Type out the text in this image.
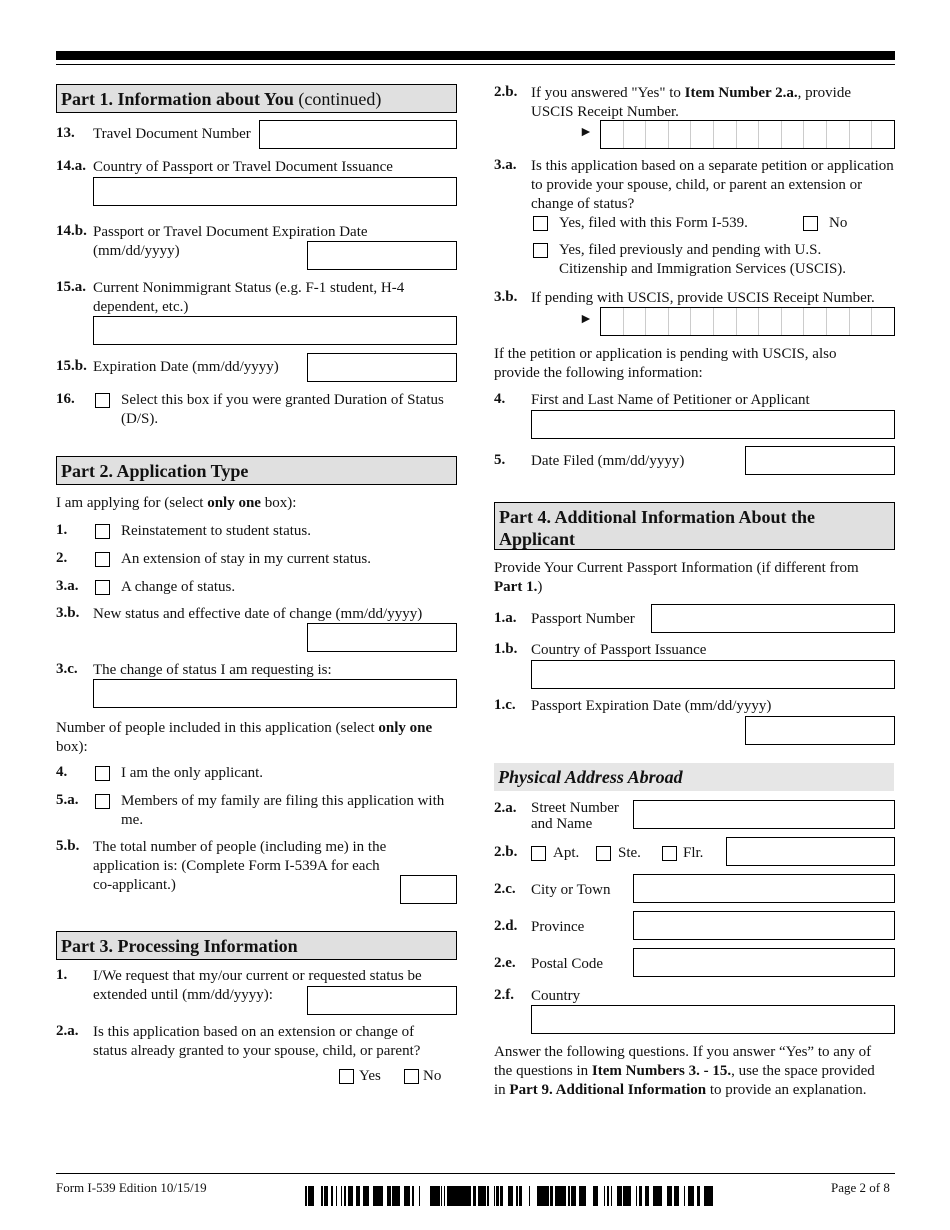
Part 1. Information about You (continued)
13. Travel Document Number
14.a. Country of Passport or Travel Document Issuance
14.b. Passport or Travel Document Expiration Date
(mm/dd/yyyy)
15.a. Current Nonimmigrant Status (e.g. F-1 student, H-4
dependent, etc.)
15.b. Expiration Date (mm/dd/yyyy)
16.	Select this box if you were granted Duration of Status
(D/S).
Part 2. Application Type
I am applying for (select only one box):
1.	Reinstatement to student status.
2.	An extension of stay in my current status.
3.a.	A change of status.
3.b. New status and effective date of change (mm/dd/yyyy)
3.c. The change of status I am requesting is:
Number of people included in this application (select only one
box):
4.	I am the only applicant.
5.a.	Members of my family are filing this application with
me.
5.b. The total number of people (including me) in the
application is: (Complete Form I-539A for each
co-applicant.)
Part 3. Processing Information
1. I/We request that my/our current or requested status be
extended until (mm/dd/yyyy):
2.a. Is this application based on an extension or change of
status already granted to your spouse, child, or parent?
Yes	No
2.b. If you answered "Yes" to Item Number 2.a., provide
USCIS Receipt Number.
►
3.a. Is this application based on a separate petition or application
to provide your spouse, child, or parent an extension or
change of status?
Yes, filed with this Form I-539.	No
Yes, filed previously and pending with U.S.
Citizenship and Immigration Services (USCIS).
3.b. If pending with USCIS, provide USCIS Receipt Number.
►
If the petition or application is pending with USCIS, also
provide the following information:
4. First and Last Name of Petitioner or Applicant
5. Date Filed (mm/dd/yyyy)
Part 4. Additional Information About the
Applicant
Provide Your Current Passport Information (if different from
Part 1.)
1.a. Passport Number
1.b. Country of Passport Issuance
1.c. Passport Expiration Date (mm/dd/yyyy)
Physical Address Abroad
2.a. Street Number
and Name
2.b. Apt.	Ste.	Flr.
2.c. City or Town
2.d. Province
2.e. Postal Code
2.f. Country
Answer the following questions. If you answer “Yes” to any of
the questions in Item Numbers 3. - 15., use the space provided
in Part 9. Additional Information to provide an explanation.
Form I-539 Edition 10/15/19	Page 2 of 8
